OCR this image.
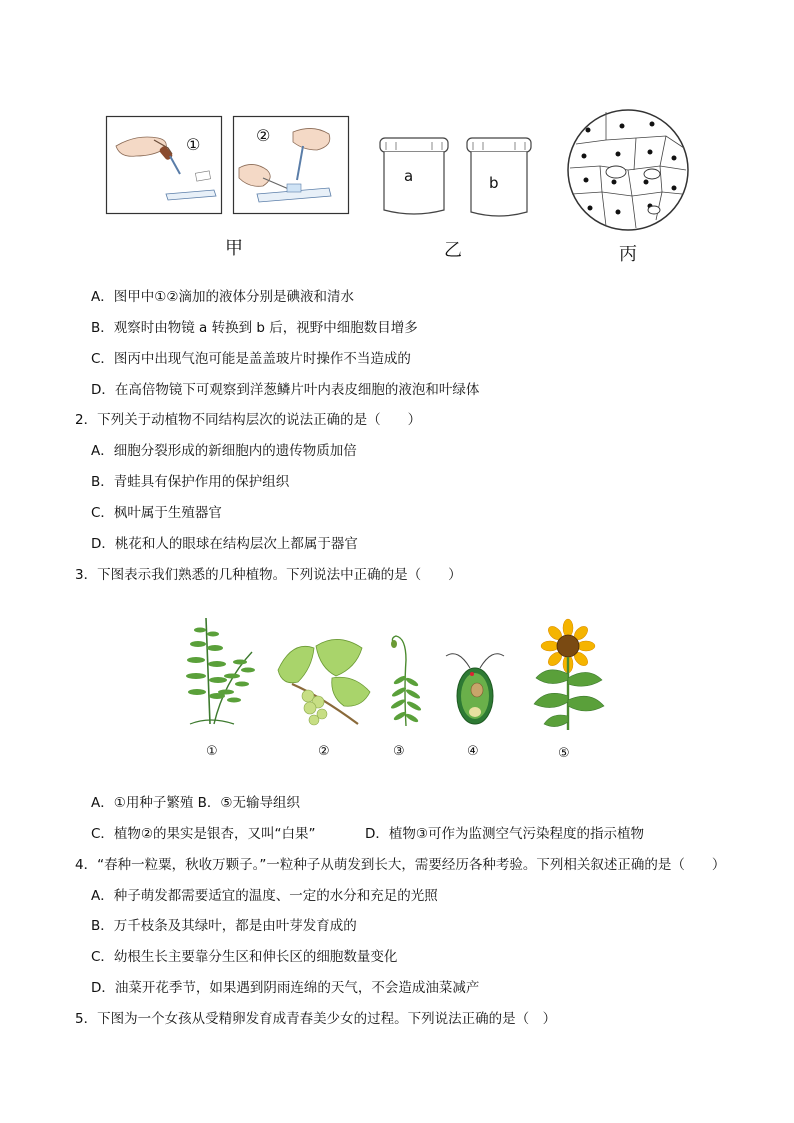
①	②
a	b
甲	乙	丙
A．图甲中①②滴加的液体分别是碘液和清水
B．观察时由物镜 a 转换到 b 后，视野中细胞数目增多
C．图丙中出现气泡可能是盖盖玻片时操作不当造成的
D．在高倍物镜下可观察到洋葱鳞片叶内表皮细胞的液泡和叶绿体
2．下列关于动植物不同结构层次的说法正确的是（　　）
A．细胞分裂形成的新细胞内的遗传物质加倍
B．青蛙具有保护作用的保护组织
C．枫叶属于生殖器官
D．桃花和人的眼球在结构层次上都属于器官
3．下图表示我们熟悉的几种植物。下列说法中正确的是（　　）
①	②	③	④	⑤
A．①用种子繁殖 B．⑤无输导组织
C．植物②的果实是银杏，又叫“白果”	D．植物③可作为监测空气污染程度的指示植物
4．“春种一粒粟，秋收万颗子。”一粒种子从萌发到长大，需要经历各种考验。下列相关叙述正确的是（　　）
A．种子萌发都需要适宜的温度、一定的水分和充足的光照
B．万千枝条及其绿叶，都是由叶芽发育成的
C．幼根生长主要靠分生区和伸长区的细胞数量变化
D．油菜开花季节，如果遇到阴雨连绵的天气，不会造成油菜减产
5．下图为一个女孩从受精卵发育成青春美少女的过程。下列说法正确的是（　）
